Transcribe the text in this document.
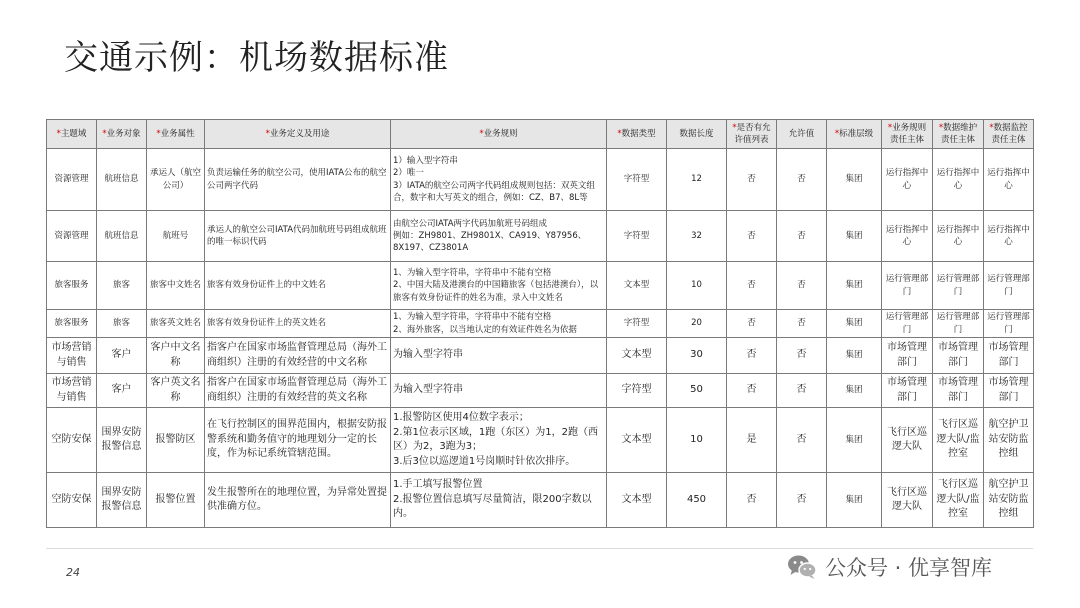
交通示例：机场数据标准
*主题域	*业务对象	*业务属性	*业务定义及用途	*业务规则	*数据类型	数据长度	*是否有允许值列表	允许值	*标准层级	*业务规则责任主体	*数据维护责任主体	*数据监控责任主体
资源管理	航班信息	承运人（航空公司）	负责运输任务的航空公司，使用IATA公布的航空公司两字代码	1）输入型字符串
2）唯一
3）IATA的航空公司两字代码组成规则包括：双英文组合，数字和大写英文的组合，例如：CZ、B7、8L等	字符型	12	否	否	集团	运行指挥中心	运行指挥中心	运行指挥中心
资源管理	航班信息	航班号	承运人的航空公司IATA代码加航班号码组成航班的唯一标识代码	由航空公司IATA两字代码加航班号码组成
例如：ZH9801、ZH9801X、CA919、Y87956、8X197、CZ3801A	字符型	32	否	否	集团	运行指挥中心	运行指挥中心	运行指挥中心
旅客服务	旅客	旅客中文姓名	旅客有效身份证件上的中文姓名	1、为输入型字符串，字符串中不能有空格
2、中国大陆及港澳台的中国籍旅客（包括港澳台），以旅客有效身份证件的姓名为准，录入中文姓名	文本型	10	否	否	集团	运行管理部门	运行管理部门	运行管理部门
旅客服务	旅客	旅客英文姓名	旅客有效身份证件上的英文姓名	1、为输入型字符串，字符串中不能有空格
2、海外旅客，以当地认定的有效证件姓名为依据	字符型	20	否	否	集团	运行管理部门	运行管理部门	运行管理部门
市场营销与销售	客户	客户中文名称	指客户在国家市场监督管理总局（海外工商组织）注册的有效经营的中文名称	为输入型字符串	文本型	30	否	否	集团	市场管理部门	市场管理部门	市场管理部门
市场营销与销售	客户	客户英文名称	指客户在国家市场监督管理总局（海外工商组织）注册的有效经营的英文名称	为输入型字符串	字符型	50	否	否	集团	市场管理部门	市场管理部门	市场管理部门
空防安保	围界安防报警信息	报警防区	在飞行控制区的围界范围内，根据安防报警系统和勤务值守的地理划分一定的长度，作为标记系统管辖范围。	1.报警防区使用4位数字表示；
2.第1位表示区域，1跑（东区）为1，2跑（西区）为2，3跑为3；
3.后3位以巡逻道1号岗顺时针依次排序。	文本型	10	是	否	集团	飞行区巡逻大队	飞行区巡逻大队/监控室	航空护卫站安防监控组
空防安保	围界安防报警信息	报警位置	发生报警所在的地理位置，为异常处置提供准确方位。	1.手工填写报警位置
2.报警位置信息填写尽量简洁，限200字数以内。	文本型	450	否	否	集团	飞行区巡逻大队	飞行区巡逻大队/监控室	航空护卫站安防监控组
24	公众号 · 优享智库
